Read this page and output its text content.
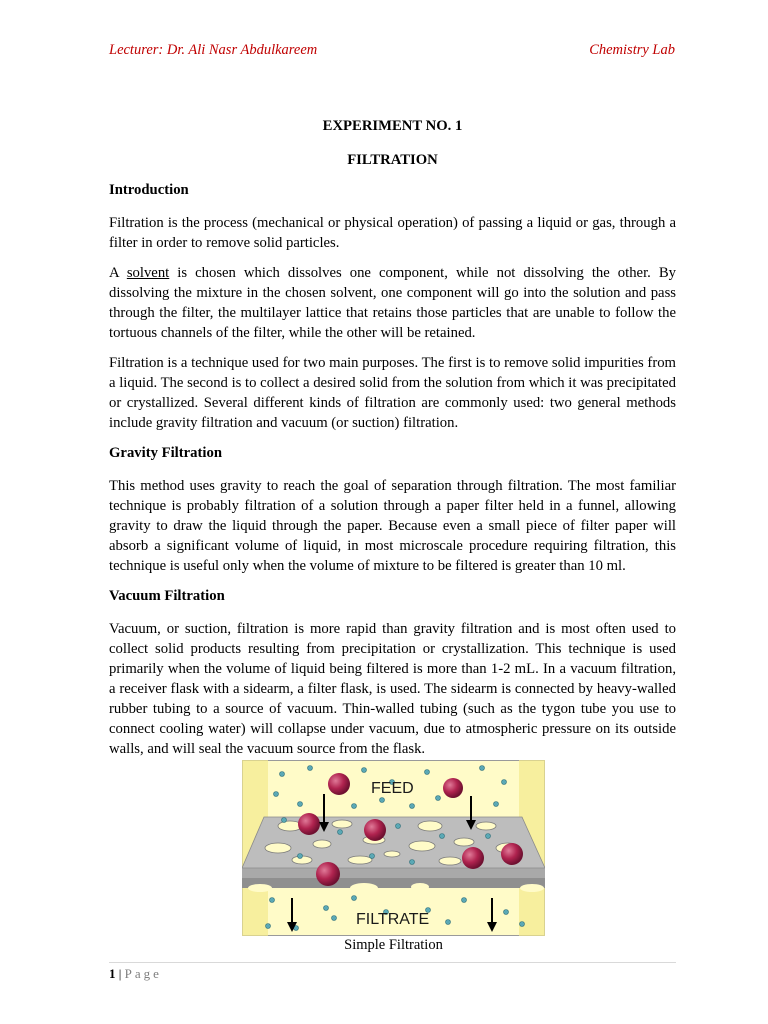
Lecturer: Dr. Ali Nasr Abdulkareem	Chemistry Lab
EXPERIMENT NO. 1
FILTRATION
Introduction

Filtration is the process (mechanical or physical operation) of passing a liquid or gas, through a filter in order to remove solid particles.

A solvent is chosen which dissolves one component, while not dissolving the other. By dissolving the mixture in the chosen solvent, one component will go into the solution and pass through the filter, the multilayer lattice that retains those particles that are unable to follow the tortuous channels of the filter, while the other will be retained.

Filtration is a technique used for two main purposes. The first is to remove solid impurities from a liquid. The second is to collect a desired solid from the solution from which it was precipitated or crystallized. Several different kinds of filtration are commonly used: two general methods include gravity filtration and vacuum (or suction) filtration.

Gravity Filtration

This method uses gravity to reach the goal of separation through filtration. The most familiar technique is probably filtration of a solution through a paper filter held in a funnel, allowing gravity to draw the liquid through the paper. Because even a small piece of filter paper will absorb a significant volume of liquid, in most microscale procedure requiring filtration, this technique is useful only when the volume of mixture to be filtered is greater than 10 ml.

Vacuum Filtration

Vacuum, or suction, filtration is more rapid than gravity filtration and is most often used to collect solid products resulting from precipitation or crystallization. This technique is used primarily when the volume of liquid being filtered is more than 1-2 mL. In a vacuum filtration, a receiver flask with a sidearm, a filter flask, is used. The sidearm is connected by heavy-walled rubber tubing to a source of vacuum. Thin-walled tubing (such as the tygon tube you use to connect cooling water) will collapse under vacuum, due to atmospheric pressure on its outside walls, and will seal the vacuum source from the flask.

FEED
FILTRATE
Simple Filtration
1 | Page
